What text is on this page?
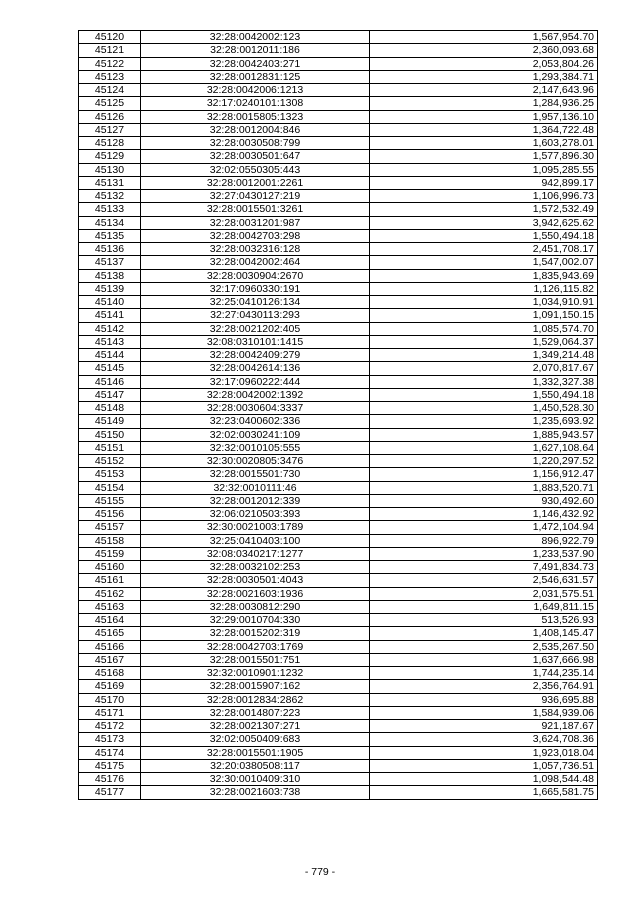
45120	32:28:0042002:123	1,567,954.70
45121	32:28:0012011:186	2,360,093.68
45122	32:28:0042403:271	2,053,804.26
45123	32:28:0012831:125	1,293,384.71
45124	32:28:0042006:1213	2,147,643.96
45125	32:17:0240101:1308	1,284,936.25
45126	32:28:0015805:1323	1,957,136.10
45127	32:28:0012004:846	1,364,722.48
45128	32:28:0030508:799	1,603,278.01
45129	32:28:0030501:647	1,577,896.30
45130	32:02:0550305:443	1,095,285.55
45131	32:28:0012001:2261	942,899.17
45132	32:27:0430127:219	1,106,996.73
45133	32:28:0015501:3261	1,572,532.49
45134	32:28:0031201:987	3,942,625.62
45135	32:28:0042703:298	1,550,494.18
45136	32:28:0032316:128	2,451,708.17
45137	32:28:0042002:464	1,547,002.07
45138	32:28:0030904:2670	1,835,943.69
45139	32:17:0960330:191	1,126,115.82
45140	32:25:0410126:134	1,034,910.91
45141	32:27:0430113:293	1,091,150.15
45142	32:28:0021202:405	1,085,574.70
45143	32:08:0310101:1415	1,529,064.37
45144	32:28:0042409:279	1,349,214.48
45145	32:28:0042614:136	2,070,817.67
45146	32:17:0960222:444	1,332,327.38
45147	32:28:0042002:1392	1,550,494.18
45148	32:28:0030604:3337	1,450,528.30
45149	32:23:0400602:336	1,235,693.92
45150	32:02:0030241:109	1,885,943.57
45151	32:32:0010105:555	1,627,108.64
45152	32:30:0020805:3476	1,220,297.52
45153	32:28:0015501:730	1,156,912.47
45154	32:32:0010111:46	1,883,520.71
45155	32:28:0012012:339	930,492.60
45156	32:06:0210503:393	1,146,432.92
45157	32:30:0021003:1789	1,472,104.94
45158	32:25:0410403:100	896,922.79
45159	32:08:0340217:1277	1,233,537.90
45160	32:28:0032102:253	7,491,834.73
45161	32:28:0030501:4043	2,546,631.57
45162	32:28:0021603:1936	2,031,575.51
45163	32:28:0030812:290	1,649,811.15
45164	32:29:0010704:330	513,526.93
45165	32:28:0015202:319	1,408,145.47
45166	32:28:0042703:1769	2,535,267.50
45167	32:28:0015501:751	1,637,666.98
45168	32:32:0010901:1232	1,744,235.14
45169	32:28:0015907:162	2,356,764.91
45170	32:28:0012834:2862	936,695.88
45171	32:28:0014807:223	1,584,939.06
45172	32:28:0021307:271	921,187.67
45173	32:02:0050409:683	3,624,708.36
45174	32:28:0015501:1905	1,923,018.04
45175	32:20:0380508:117	1,057,736.51
45176	32:30:0010409:310	1,098,544.48
45177	32:28:0021603:738	1,665,581.75
- 779 -
